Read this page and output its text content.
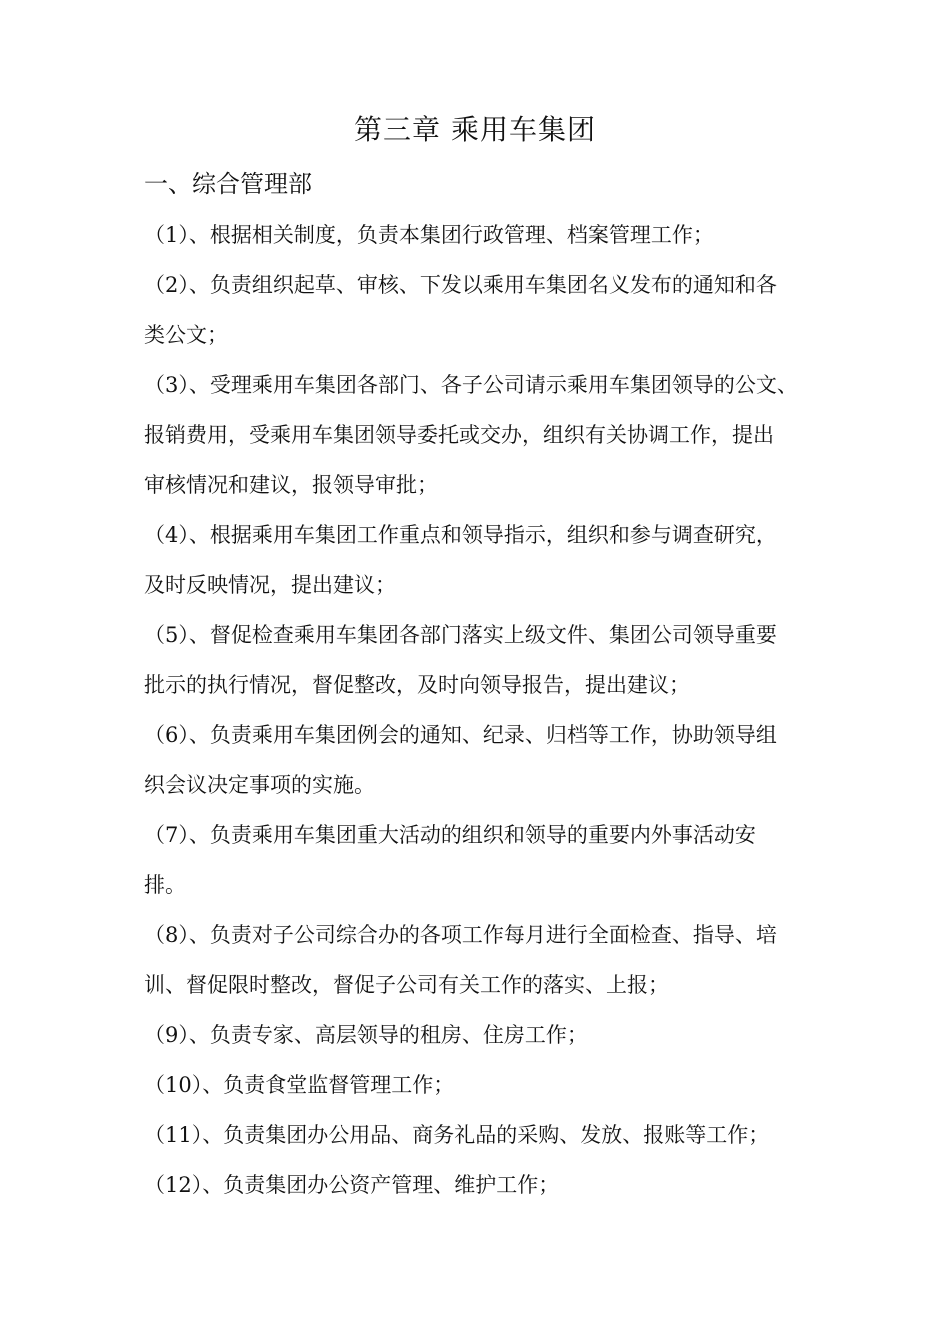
第三章 乘用车集团
一、综合管理部
（1）、根据相关制度，负责本集团行政管理、档案管理工作；
（2）、负责组织起草、审核、下发以乘用车集团名义发布的通知和各
类公文；
（3）、受理乘用车集团各部门、各子公司请示乘用车集团领导的公文、
报销费用，受乘用车集团领导委托或交办，组织有关协调工作，提出
审核情况和建议，报领导审批；
（4）、根据乘用车集团工作重点和领导指示，组织和参与调查研究，
及时反映情况，提出建议；
（5）、督促检查乘用车集团各部门落实上级文件、集团公司领导重要
批示的执行情况，督促整改，及时向领导报告，提出建议；
（6）、负责乘用车集团例会的通知、纪录、归档等工作，协助领导组
织会议决定事项的实施。
（7）、负责乘用车集团重大活动的组织和领导的重要内外事活动安
排。
（8）、负责对子公司综合办的各项工作每月进行全面检查、指导、培
训、督促限时整改，督促子公司有关工作的落实、上报；
（9）、负责专家、高层领导的租房、住房工作；
（10）、负责食堂监督管理工作；
（11）、负责集团办公用品、商务礼品的采购、发放、报账等工作；
（12）、负责集团办公资产管理、维护工作；
